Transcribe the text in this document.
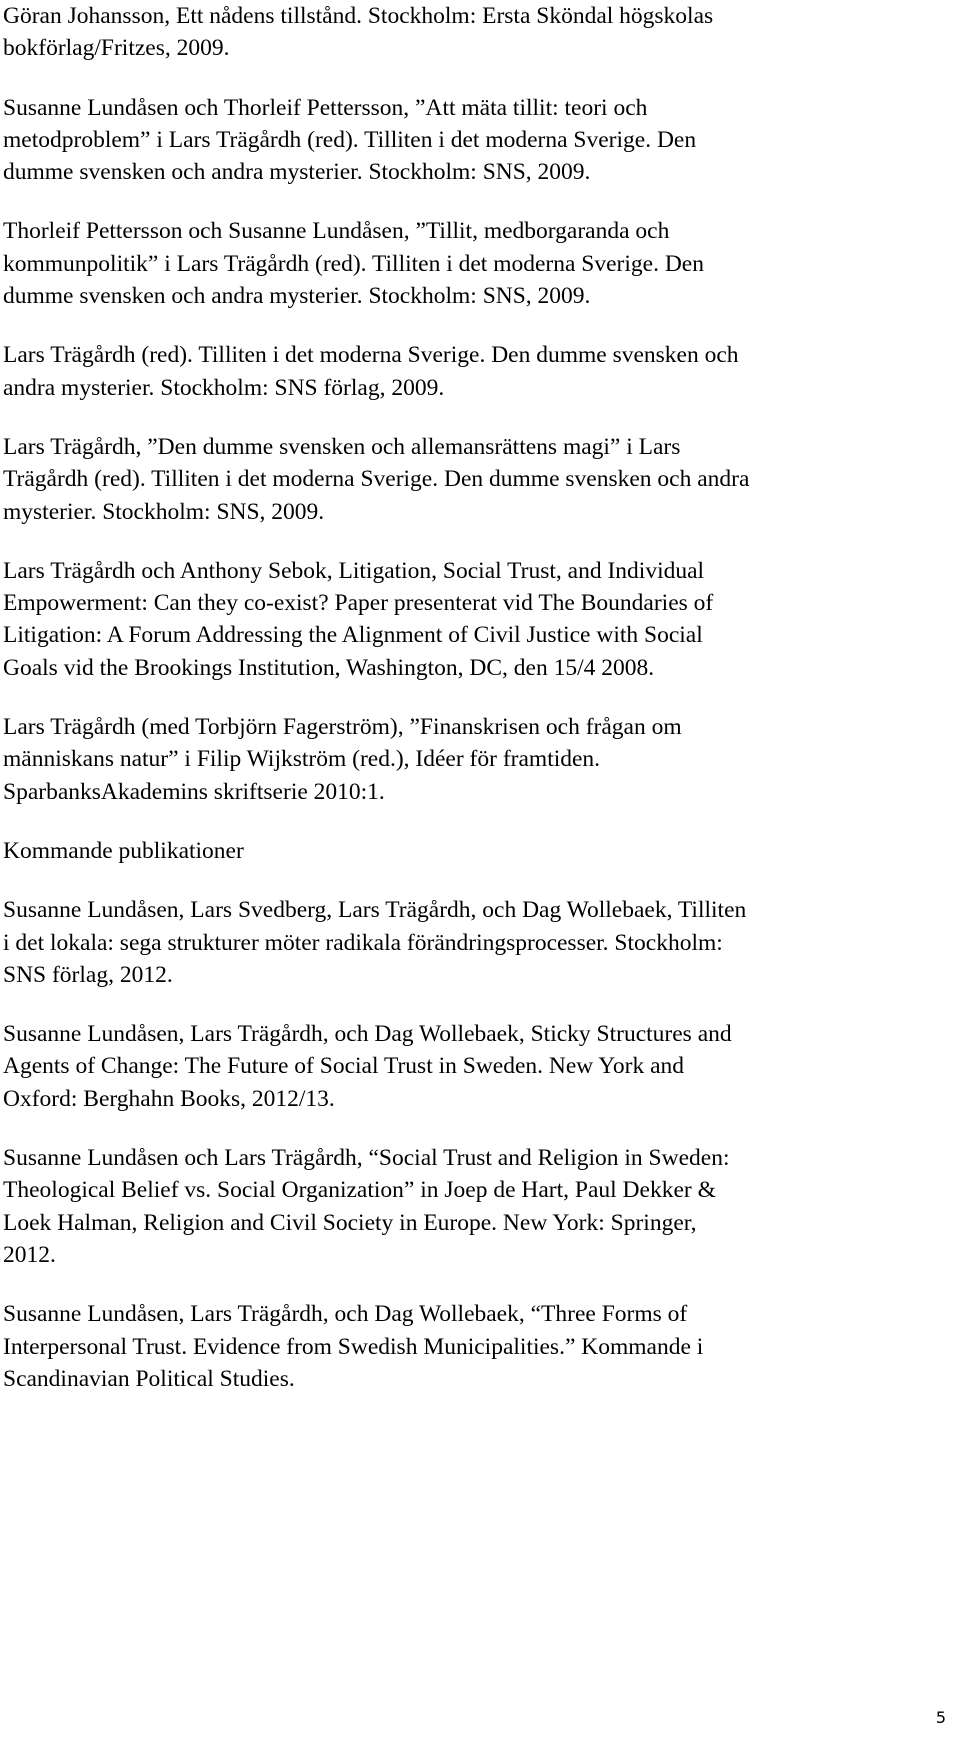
Göran Johansson, Ett nådens tillstånd. Stockholm: Ersta Sköndal högskolas
bokförlag/Fritzes, 2009.

Susanne Lundåsen och Thorleif Pettersson, ”Att mäta tillit: teori och
metodproblem” i Lars Trägårdh (red). Tilliten i det moderna Sverige. Den
dumme svensken och andra mysterier. Stockholm: SNS, 2009.

Thorleif Pettersson och Susanne Lundåsen, ”Tillit, medborgaranda och
kommunpolitik” i Lars Trägårdh (red). Tilliten i det moderna Sverige. Den
dumme svensken och andra mysterier. Stockholm: SNS, 2009.

Lars Trägårdh (red). Tilliten i det moderna Sverige. Den dumme svensken och
andra mysterier. Stockholm: SNS förlag, 2009.

Lars Trägårdh, ”Den dumme svensken och allemansrättens magi” i Lars
Trägårdh (red). Tilliten i det moderna Sverige. Den dumme svensken och andra
mysterier. Stockholm: SNS, 2009.

Lars Trägårdh och Anthony Sebok, Litigation, Social Trust, and Individual
Empowerment: Can they co-exist? Paper presenterat vid The Boundaries of
Litigation: A Forum Addressing the Alignment of Civil Justice with Social
Goals vid the Brookings Institution, Washington, DC, den 15/4 2008.

Lars Trägårdh (med Torbjörn Fagerström), ”Finanskrisen och frågan om
människans natur” i Filip Wijkström (red.), Idéer för framtiden.
SparbanksAkademins skriftserie 2010:1.

Kommande publikationer

Susanne Lundåsen, Lars Svedberg, Lars Trägårdh, och Dag Wollebaek, Tilliten
i det lokala: sega strukturer möter radikala förändringsprocesser. Stockholm:
SNS förlag, 2012.

Susanne Lundåsen, Lars Trägårdh, och Dag Wollebaek, Sticky Structures and
Agents of Change: The Future of Social Trust in Sweden. New York and
Oxford: Berghahn Books, 2012/13.

Susanne Lundåsen och Lars Trägårdh, “Social Trust and Religion in Sweden:
Theological Belief vs. Social Organization” in Joep de Hart, Paul Dekker &
Loek Halman, Religion and Civil Society in Europe. New York: Springer,
2012.

Susanne Lundåsen, Lars Trägårdh, och Dag Wollebaek, “Three Forms of
Interpersonal Trust. Evidence from Swedish Municipalities.” Kommande i
Scandinavian Political Studies.

5
